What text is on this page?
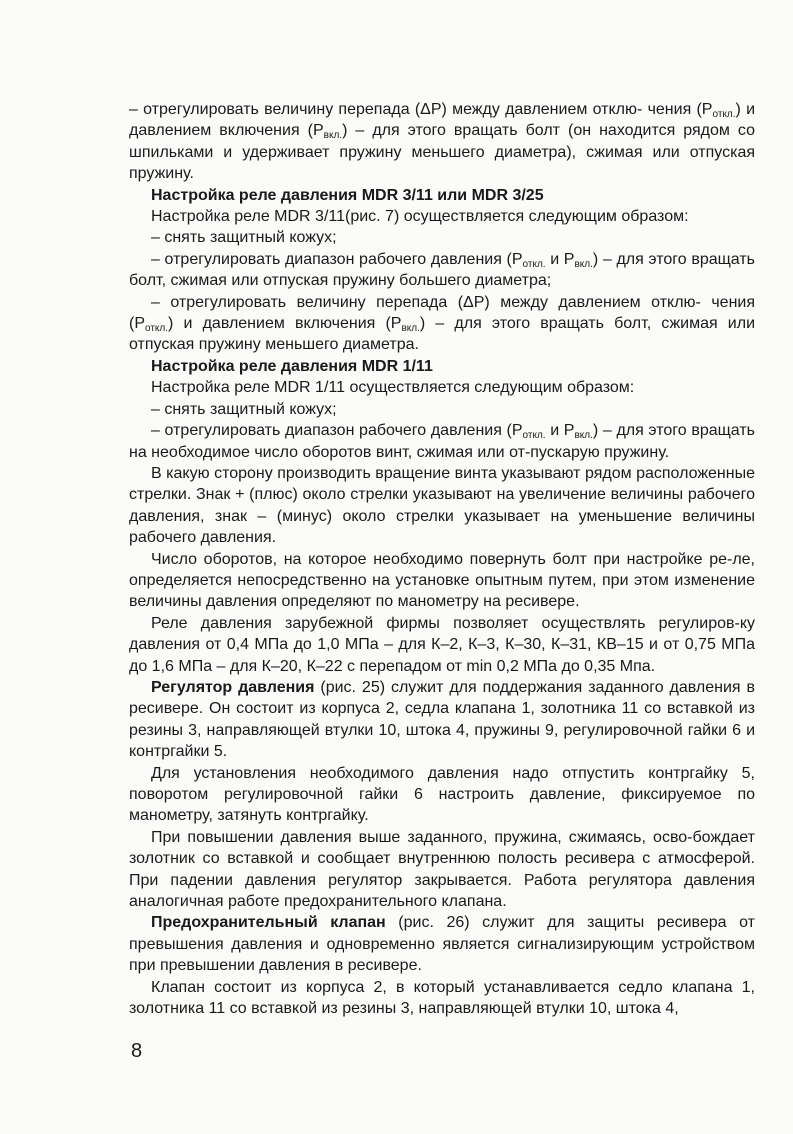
– отрегулировать величину перепада (ΔP) между давлением отклю- чения $(P_{откл.})$ и давлением включения $(P_{вкл.})$ – для этого вращать болт (он находится рядом со шпильками и удерживает пружину меньшего диаметра), сжимая или отпуская пружину.

Настройка реле давления MDR 3/11 или MDR 3/25

Настройка реле MDR 3/11(рис. 7) осуществляется следующим образом:

– снять защитный кожух;

– отрегулировать диапазон рабочего давления ($P_{откл.}$ и $P_{вкл.}$) – для этого вращать болт, сжимая или отпуская пружину большего диаметра;

– отрегулировать величину перепада (ΔP) между давлением отклю- чения $(P_{откл.})$ и давлением включения $(P_{вкл.})$ – для этого вращать болт, сжимая или отпуская пружину меньшего диаметра.

Настройка реле давления MDR 1/11

Настройка реле MDR 1/11 осуществляется следующим образом:

– снять защитный кожух;

– отрегулировать диапазон рабочего давления ($P_{откл.}$ и $P_{вкл.}$) – для этого вращать на необходимое число оборотов винт, сжимая или от-пускарую пружину.

В какую сторону производить вращение винта указывают рядом расположенные стрелки. Знак + (плюс) около стрелки указывают на увеличение величины рабочего давления, знак – (минус) около стрелки указывает на уменьшение величины рабочего давления.

Число оборотов, на которое необходимо повернуть болт при настройке ре-ле, определяется непосредственно на установке опытным путем, при этом изменение величины давления определяют по манометру на ресивере.

Реле давления зарубежной фирмы позволяет осуществлять регулиров-ку давления от 0,4 МПа до 1,0 МПа – для К–2, К–3, К–30, К–31, КВ–15 и от 0,75 МПа до 1,6 МПа – для К–20, К–22 с перепадом от min 0,2 МПа до 0,35 Мпа.

Регулятор давления (рис. 25) служит для поддержания заданного давления в ресивере. Он состоит из корпуса 2, седла клапана 1, золотника 11 со вставкой из резины 3, направляющей втулки 10, штока 4, пружины 9, регулировочной гайки 6 и контргайки 5.

Для установления необходимого давления надо отпустить контргайку 5, поворотом регулировочной гайки 6 настроить давление, фиксируемое по манометру, затянуть контргайку.

При повышении давления выше заданного, пружина, сжимаясь, осво-бождает золотник со вставкой и сообщает внутреннюю полость ресивера с атмосферой. При падении давления регулятор закрывается. Работа регулятора давления аналогичная работе предохранительного клапана.

Предохранительный клапан (рис. 26) служит для защиты ресивера от превышения давления и одновременно является сигнализирующим устройством при превышении давления в ресивере.

Клапан состоит из корпуса 2, в который устанавливается седло клапана 1, золотника 11 со вставкой из резины 3, направляющей втулки 10, штока 4,

8
